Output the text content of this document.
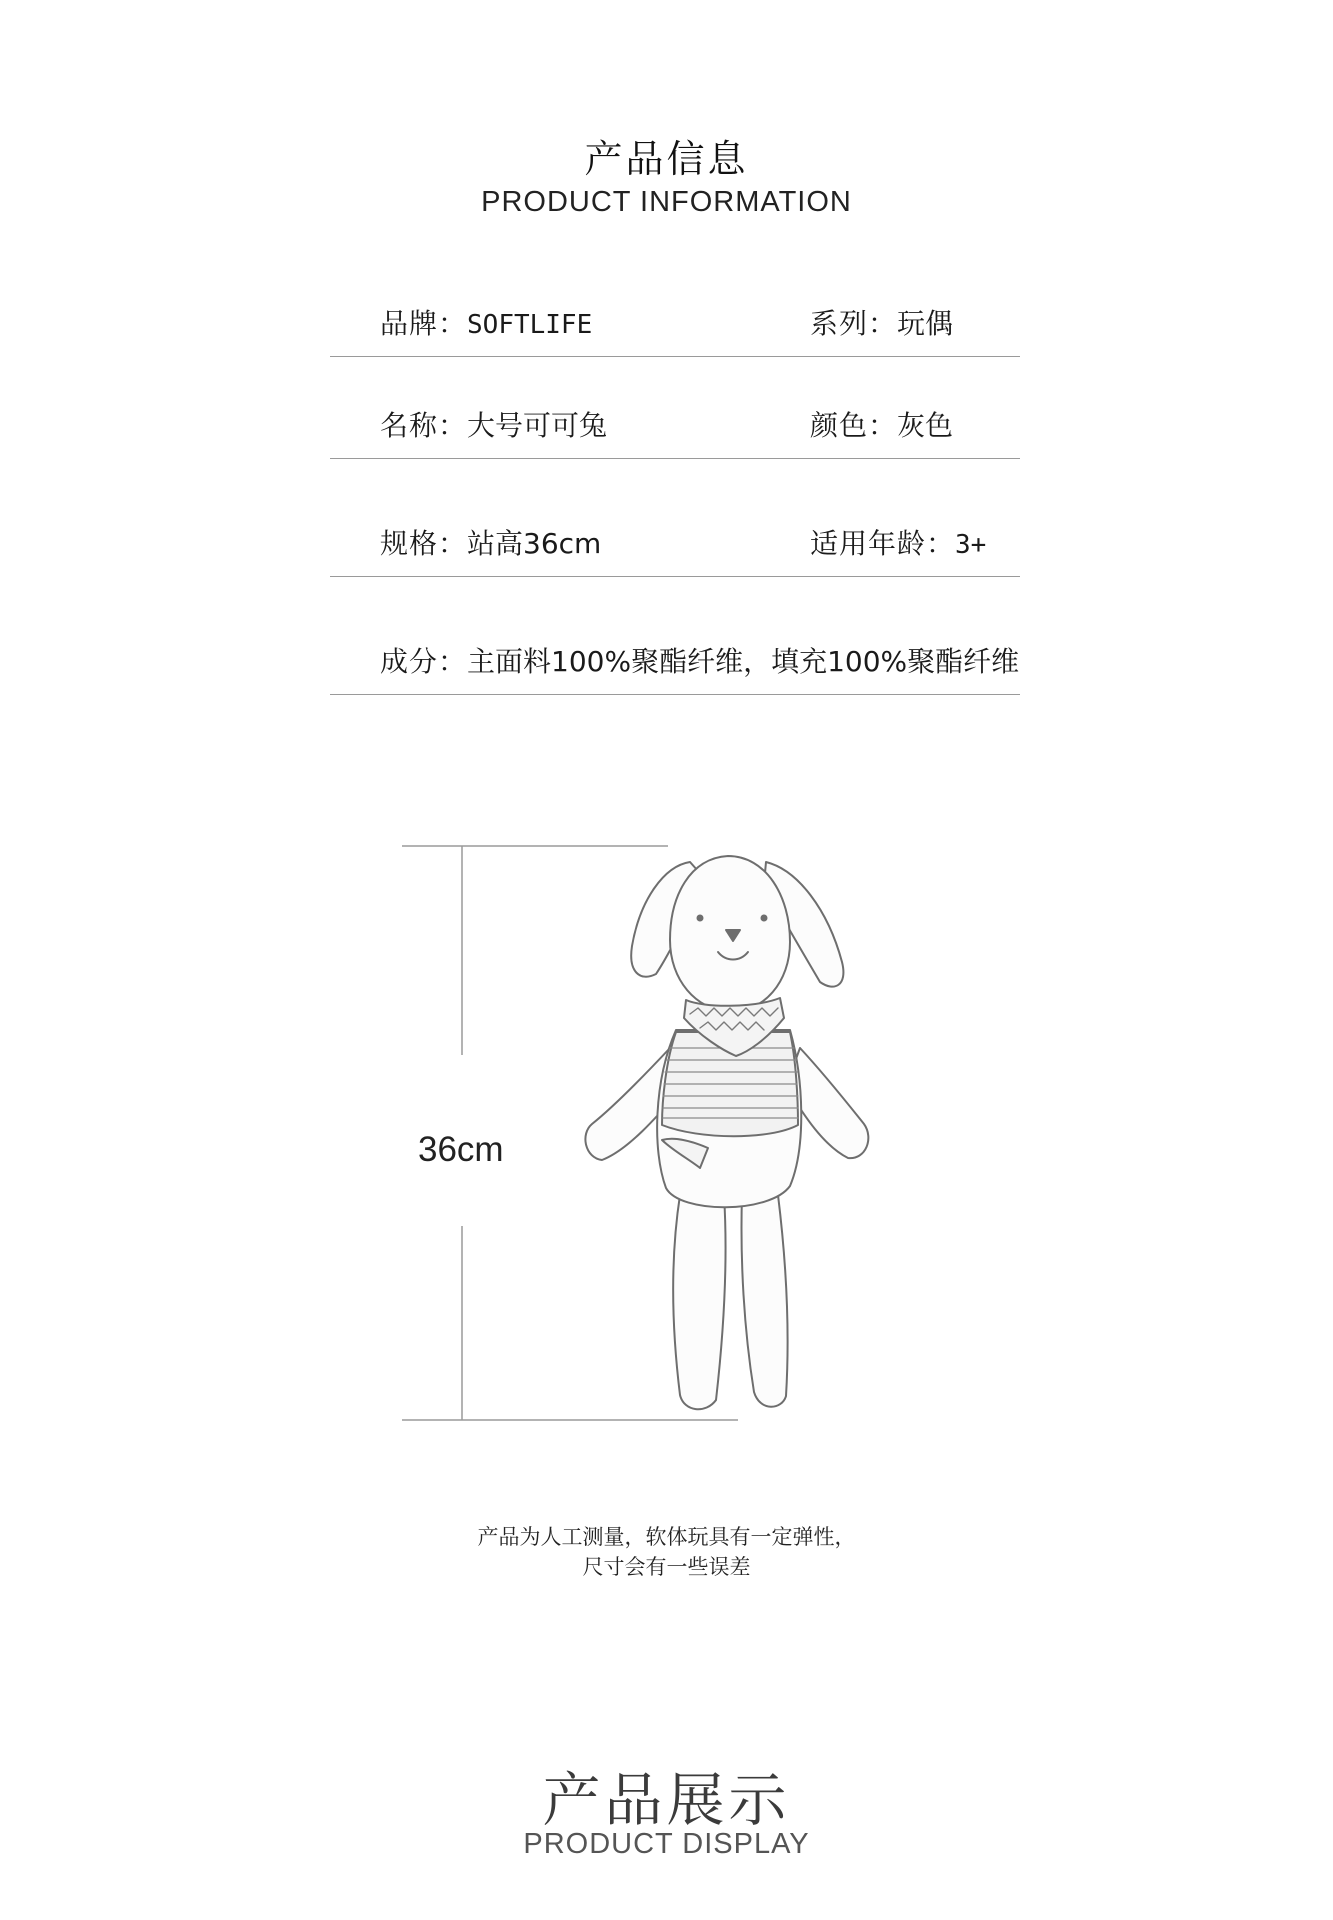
产品信息
PRODUCT INFORMATION
品牌：SOFTLIFE	系列：玩偶
名称：大号可可兔	颜色：灰色
规格：站高36cm	适用年龄：3+
成分：主面料100%聚酯纤维，填充100%聚酯纤维
36cm
产品为人工测量，软体玩具有一定弹性，
尺寸会有一些误差
产品展示
PRODUCT DISPLAY
